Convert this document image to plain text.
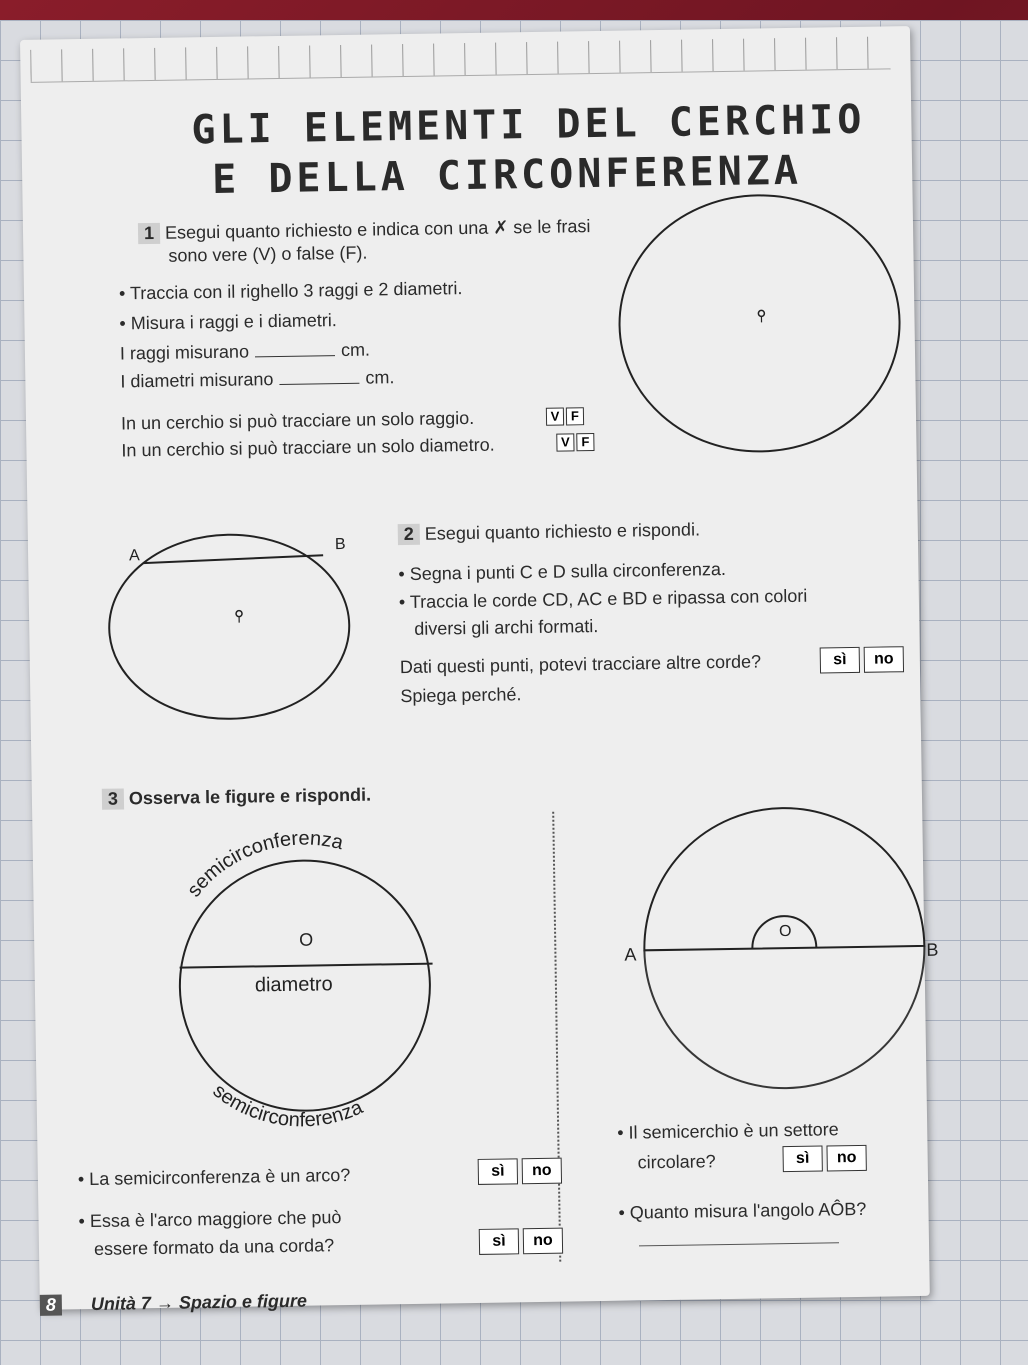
GLI ELEMENTI DEL CERCHIO
E DELLA CIRCONFERENZA
1 Esegui quanto richiesto e indica con una ✗ se le frasi
sono vere (V) o false (F).
• Traccia con il righello 3 raggi e 2 diametri.
• Misura i raggi e i diametri.
I raggi misurano	cm.
I diametri misurano	cm.
In un cerchio si può tracciare un solo raggio.	V F
In un cerchio si può tracciare un solo diametro.	V F
A
B
2 Esegui quanto richiesto e rispondi.
• Segna i punti C e D sulla circonferenza.
• Traccia le corde CD, AC e BD e ripassa con colori
diversi gli archi formati.
Dati questi punti, potevi tracciare altre corde?	sì	no
Spiega perché.
3 Osserva le figure e rispondi.
semicirconferenza
semicirconferenza
O
diametro
O
A	B
• La semicirconferenza è un arco?	sì	no
• Essa è l'arco maggiore che può
essere formato da una corda?	sì	no
• Il semicerchio è un settore
circolare?	sì	no
• Quanto misura l'angolo AÔB?
8 Unità 7 → Spazio e figure
